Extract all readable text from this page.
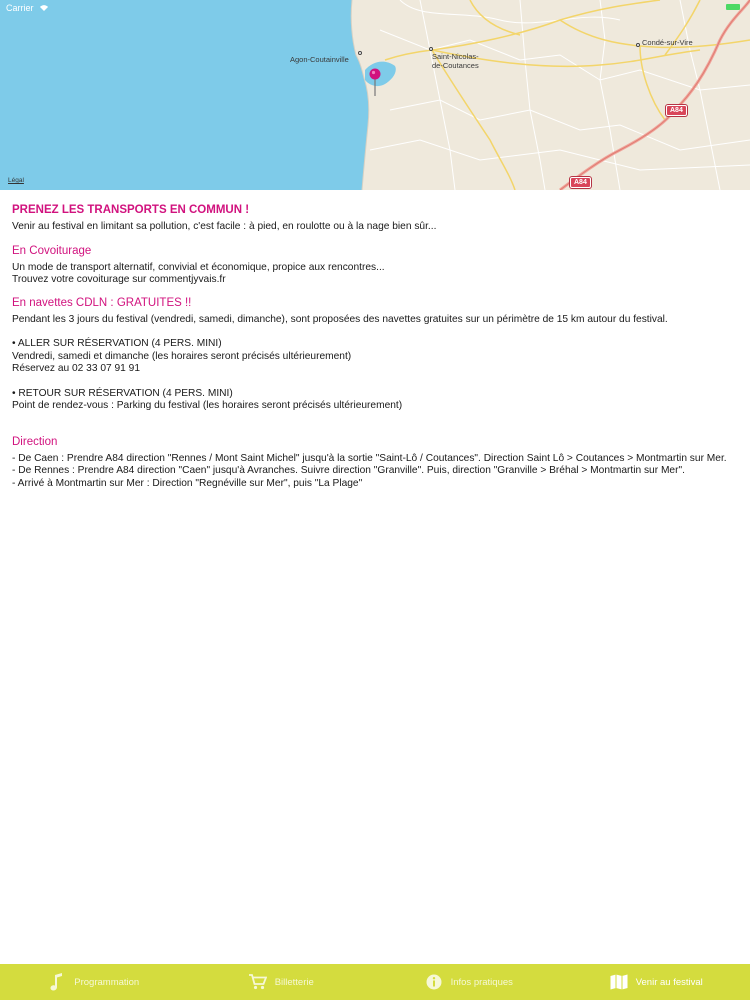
Carrier
Agon-Coutainville	Saint-Nicolas-
de-Coutances
Condé-sur-Vire
A84
A84
Légal
PRENEZ LES TRANSPORTS EN COMMUN !
Venir au festival en limitant sa pollution, c'est facile : à pied, en roulotte ou à la nage bien sûr...
En Covoiturage
Un mode de transport alternatif, convivial et économique, propice aux rencontres...
Trouvez votre covoiturage sur commentjyvais.fr
En navettes CDLN : GRATUITES !!
Pendant les 3 jours du festival (vendredi, samedi, dimanche), sont proposées des navettes gratuites sur un périmètre de 15 km autour du festival.
• ALLER SUR RÉSERVATION (4 PERS. MINI)
Vendredi, samedi et dimanche (les horaires seront précisés ultérieurement)
Réservez au 02 33 07 91 91
• RETOUR SUR RÉSERVATION (4 PERS. MINI)
Point de rendez-vous : Parking du festival (les horaires seront précisés ultérieurement)
Direction
- De Caen : Prendre A84 direction "Rennes / Mont Saint Michel" jusqu'à la sortie "Saint-Lô / Coutances". Direction Saint Lô > Coutances > Montmartin sur Mer.
- De Rennes : Prendre A84 direction "Caen" jusqu'à Avranches. Suivre direction "Granville". Puis, direction "Granville > Bréhal > Montmartin sur Mer".
- Arrivé à Montmartin sur Mer : Direction "Regnéville sur Mer", puis "La Plage"
Programmation	Billetterie	Infos pratiques	Venir au festival
